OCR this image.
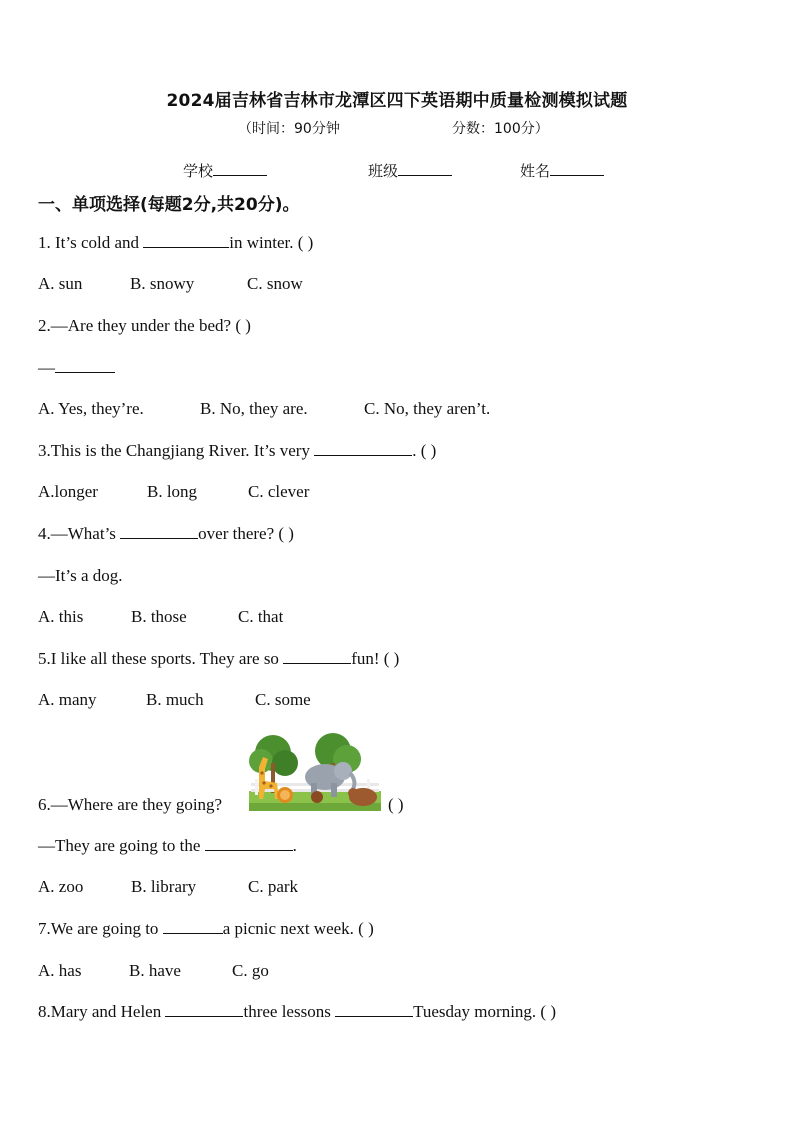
2024届吉林省吉林市龙潭区四下英语期中质量检测模拟试题
（时间：90分钟	分数：100分）
学校	班级	姓名
一、单项选择(每题2分,共20分)。
1. It’s cold and	in winter. ( )
A. sun	B. snowy	C. snow
2.—Are they under the bed? ( )
—
A. Yes, they’re.	B. No, they are.	C. No, they aren’t.
3.This is the Changjiang River. It’s very	. ( )
A.longer	B. long	C. clever
4.—What’s	over there? ( )
—It’s a dog.
A. this	B. those	C. that
5.I like all these sports. They are so	fun! ( )
A. many	B. much	C. some
6.—Where are they going?	( )
—They are going to the	.
A. zoo	B. library	C. park
7.We are going to	a picnic next week. ( )
A. has	B. have	C. go
8.Mary and Helen	three lessons	Tuesday morning. ( )
